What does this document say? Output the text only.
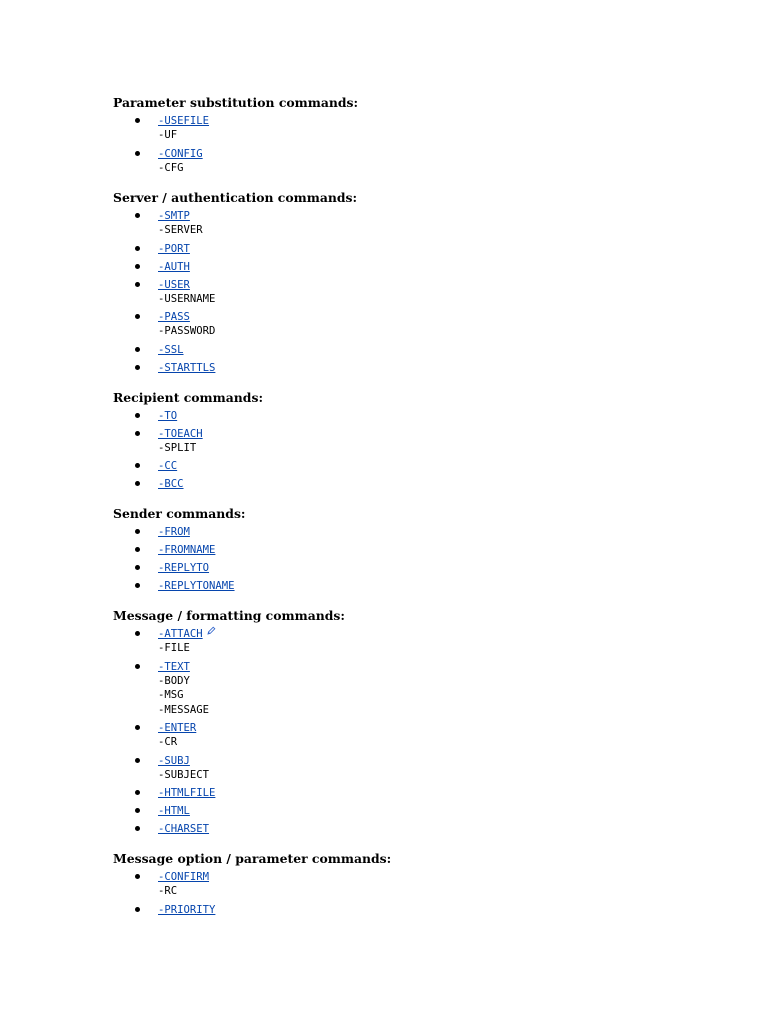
Parameter substitution commands:
-USEFILE
-UF
-CONFIG
-CFG
Server / authentication commands:
-SMTP
-SERVER
-PORT
-AUTH
-USER
-USERNAME
-PASS
-PASSWORD
-SSL
-STARTTLS
Recipient commands:
-TO
-TOEACH
-SPLIT
-CC
-BCC
Sender commands:
-FROM
-FROMNAME
-REPLYTO
-REPLYTONAME
Message / formatting commands:
-ATTACH
-FILE
-TEXT
-BODY
-MSG
-MESSAGE
-ENTER
-CR
-SUBJ
-SUBJECT
-HTMLFILE
-HTML
-CHARSET
Message option / parameter commands:
-CONFIRM
-RC
-PRIORITY
